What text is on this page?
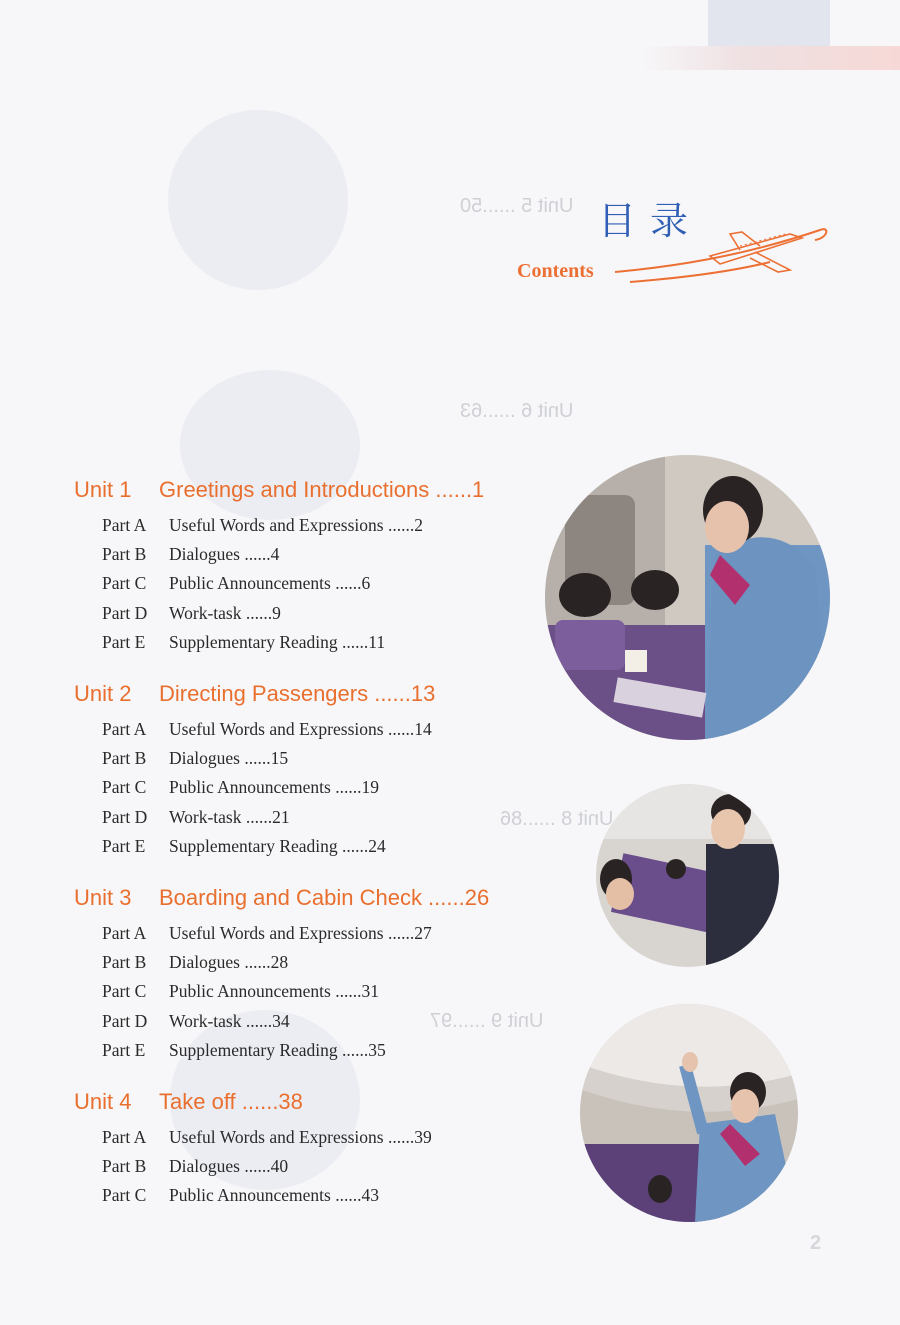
Unit 5 ......50
Unit 6 ......63
Unit 8 ......86
Unit 9 ......97
目录
Contents
Unit 1	Greetings and Introductions ......1
Part A	Useful Words and Expressions ......2
Part B	Dialogues ......4
Part C	Public Announcements ......6
Part D	Work-task ......9
Part E	Supplementary Reading ......11
Unit 2	Directing Passengers ......13
Part A	Useful Words and Expressions ......14
Part B	Dialogues ......15
Part C	Public Announcements ......19
Part D	Work-task ......21
Part E	Supplementary Reading ......24
Unit 3	Boarding and Cabin Check ......26
Part A	Useful Words and Expressions ......27
Part B	Dialogues ......28
Part C	Public Announcements ......31
Part D	Work-task ......34
Part E	Supplementary Reading ......35
Unit 4	Take off ......38
Part A	Useful Words and Expressions ......39
Part B	Dialogues ......40
Part C	Public Announcements ......43
2
